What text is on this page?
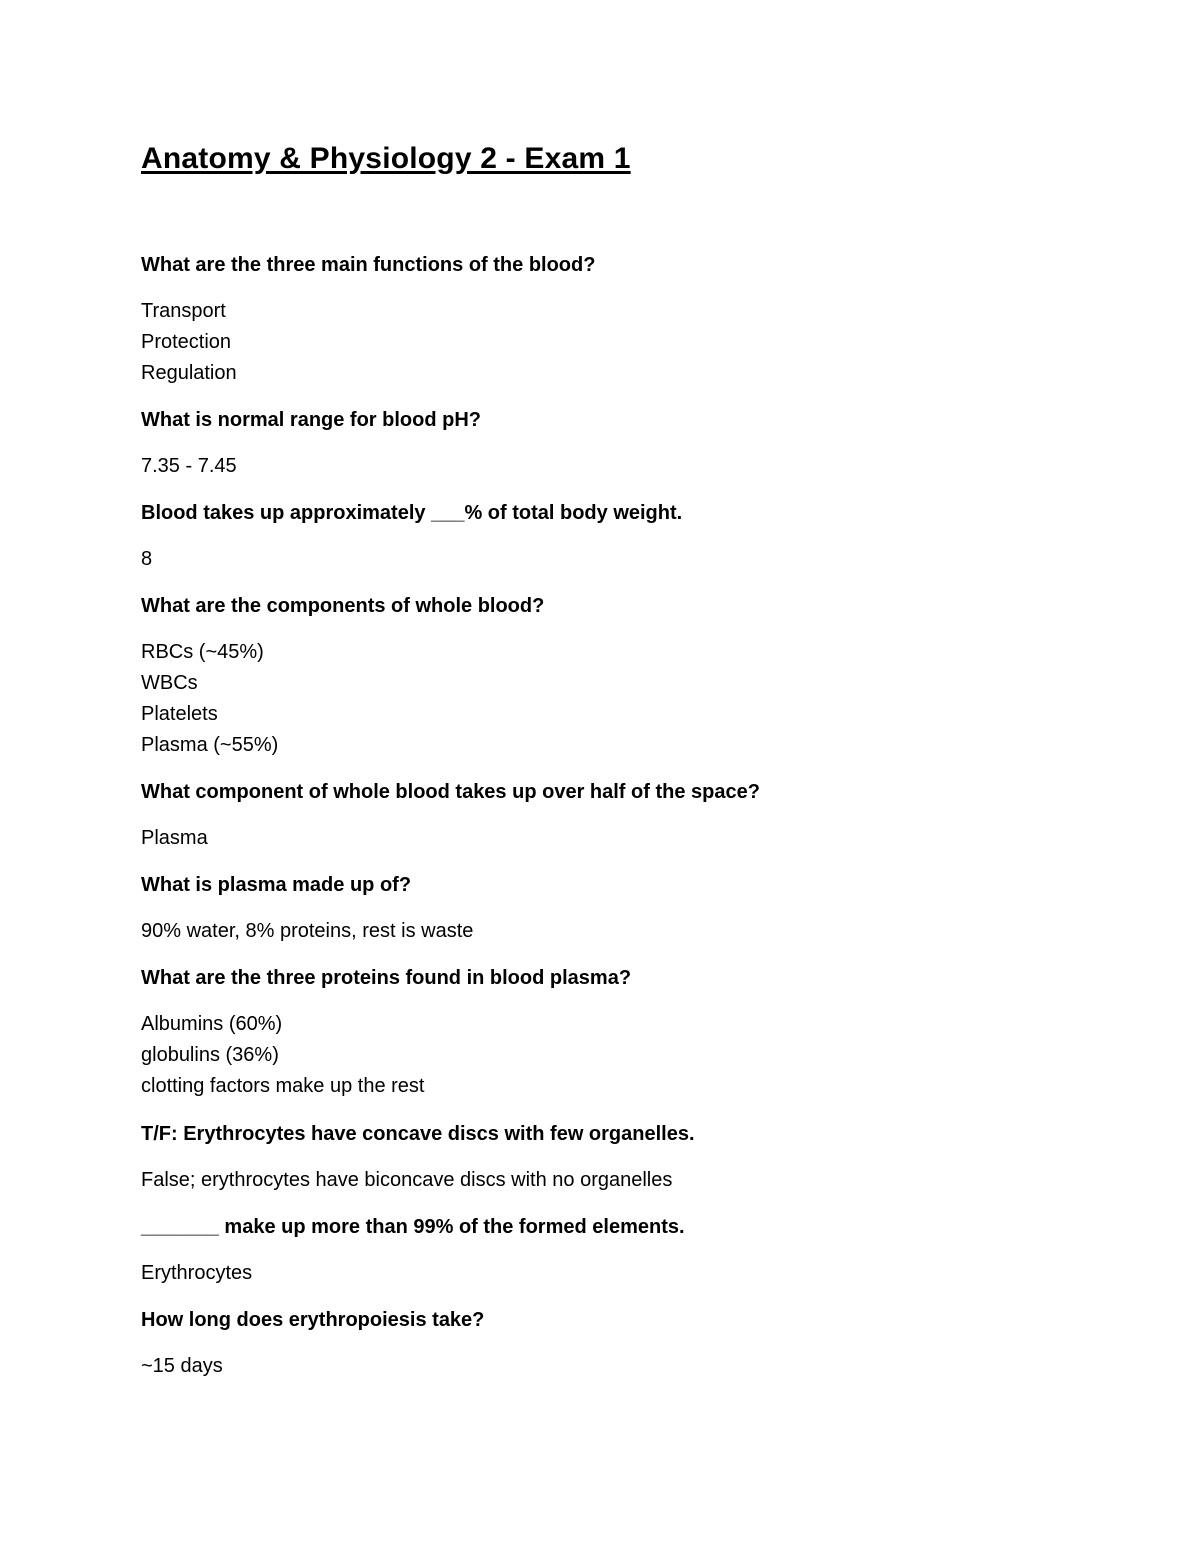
Anatomy & Physiology 2 - Exam 1

What are the three main functions of the blood?

Transport
Protection
Regulation

What is normal range for blood pH?

7.35 - 7.45

Blood takes up approximately ___% of total body weight.

8

What are the components of whole blood?

RBCs (~45%)
WBCs
Platelets
Plasma (~55%)

What component of whole blood takes up over half of the space?

Plasma

What is plasma made up of?

90% water, 8% proteins, rest is waste

What are the three proteins found in blood plasma?

Albumins (60%)
globulins (36%)
clotting factors make up the rest

T/F: Erythrocytes have concave discs with few organelles.

False; erythrocytes have biconcave discs with no organelles

_______ make up more than 99% of the formed elements.

Erythrocytes

How long does erythropoiesis take?

~15 days
